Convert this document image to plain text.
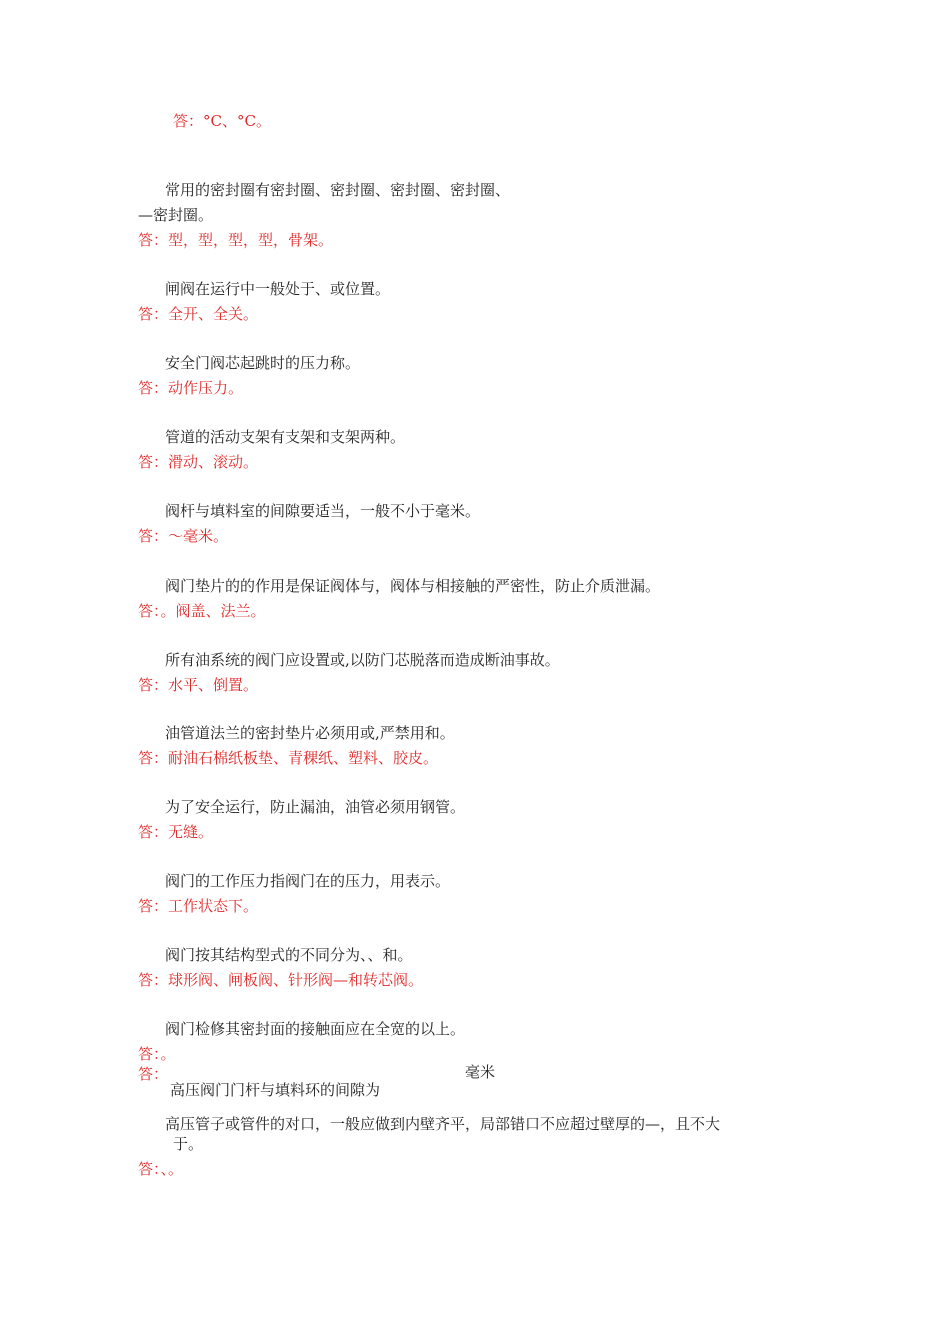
答：°C、°C。
常用的密封圈有密封圈、密封圈、密封圈、密封圈、
—密封圈。
答：型，型，型，型，骨架。
闸阀在运行中一般处于、或位置。
答：全开、全关。
安全门阀芯起跳时的压力称。
答：动作压力。
管道的活动支架有支架和支架两种。
答：滑动、滚动。
阀杆与填料室的间隙要适当，一般不小于毫米。
答：〜毫米。
阀门垫片的的作用是保证阀体与，阀体与相接触的严密性，防止介质泄漏。
答：。阀盖、法兰。
所有油系统的阀门应设置或,以防门芯脱落而造成断油事故。
答：水平、倒置。
油管道法兰的密封垫片必须用或,严禁用和。
答：耐油石棉纸板垫、青稞纸、塑料、胶皮。
为了安全运行，防止漏油，油管必须用钢管。
答：无缝。
阀门的工作压力指阀门在的压力，用表示。
答：工作状态下。
阀门按其结构型式的不同分为、、和。
答：球形阀、闸板阀、针形阀—和转芯阀。
阀门检修其密封面的接触面应在全宽的以上。
答：。
答：	毫米
高压阀门门杆与填料环的间隙为
高压管子或管件的对口，一般应做到内壁齐平，局部错口不应超过壁厚的—，且不大
于。
答：、。
